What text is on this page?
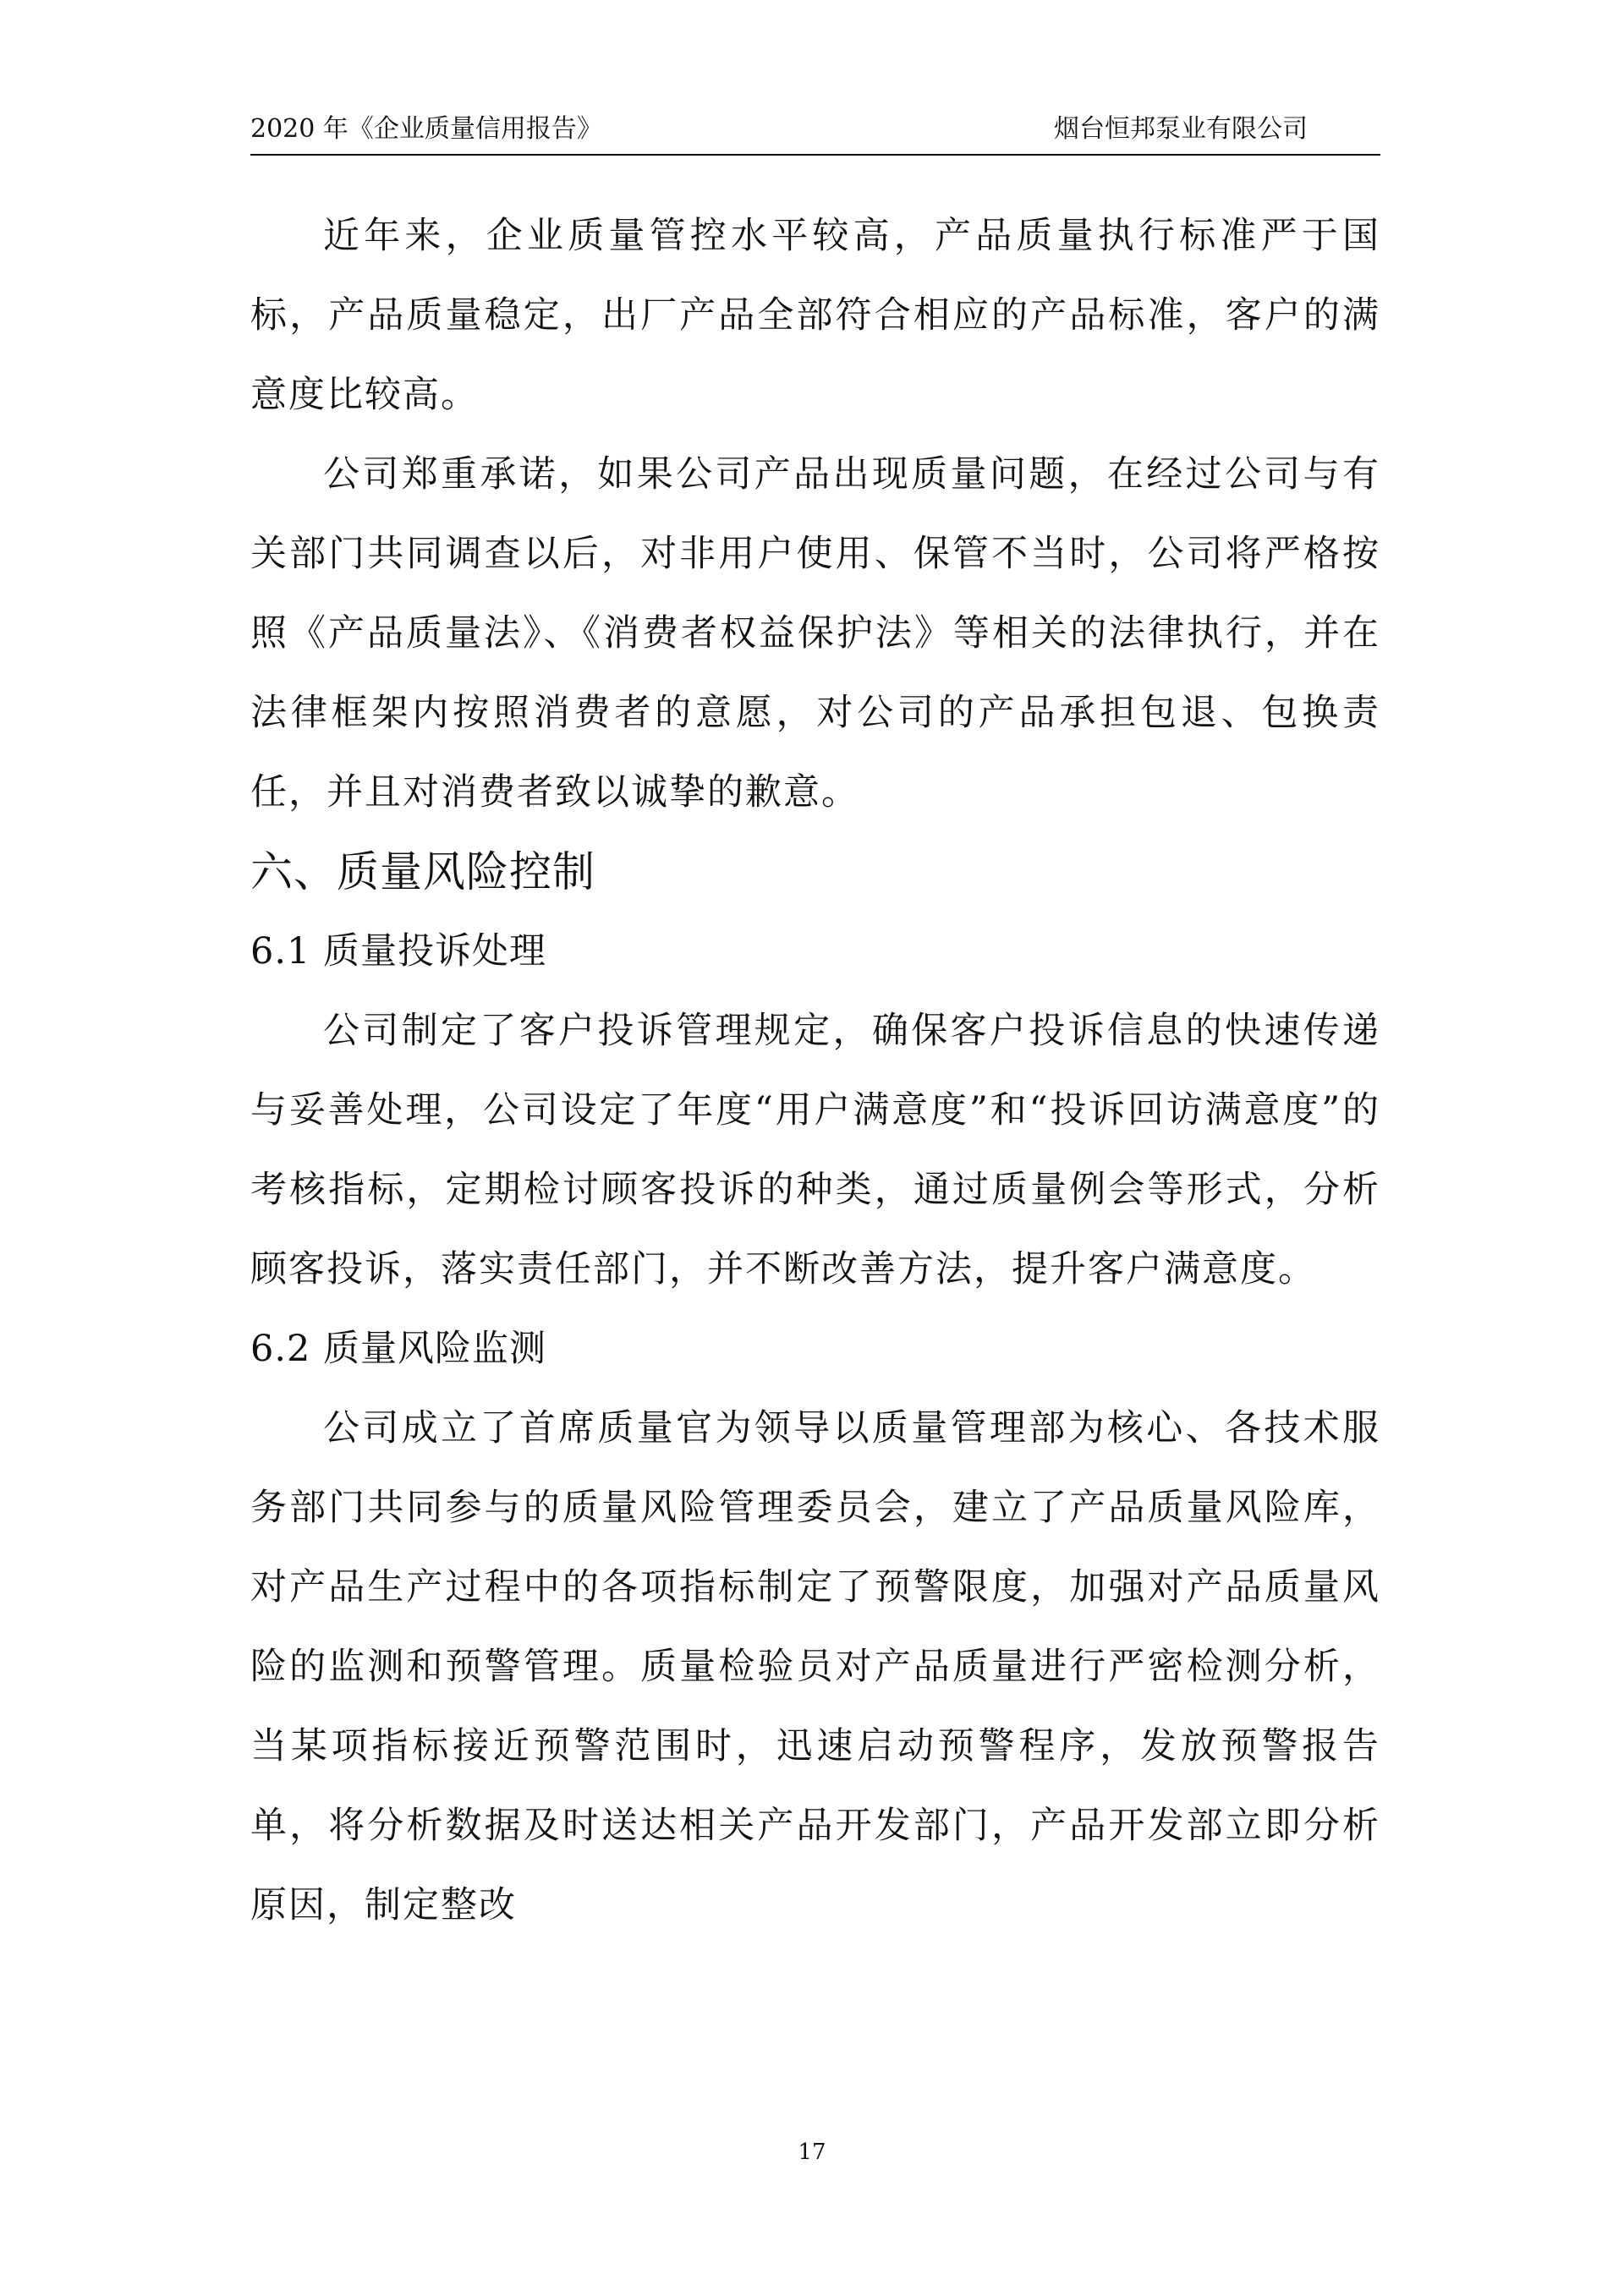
2020 年《企业质量信用报告》	烟台恒邦泵业有限公司

近年来，企业质量管控水平较高，产品质量执行标准严于国标，产品质量稳定，出厂产品全部符合相应的产品标准，客户的满意度比较高。

公司郑重承诺，如果公司产品出现质量问题，在经过公司与有关部门共同调查以后，对非用户使用、保管不当时，公司将严格按照《产品质量法》、《消费者权益保护法》等相关的法律执行，并在法律框架内按照消费者的意愿，对公司的产品承担包退、包换责任，并且对消费者致以诚挚的歉意。

六、质量风险控制
6.1 质量投诉处理

公司制定了客户投诉管理规定，确保客户投诉信息的快速传递与妥善处理，公司设定了年度“用户满意度”和“投诉回访满意度”的考核指标，定期检讨顾客投诉的种类，通过质量例会等形式，分析顾客投诉，落实责任部门，并不断改善方法，提升客户满意度。

6.2 质量风险监测

公司成立了首席质量官为领导以质量管理部为核心、各技术服务部门共同参与的质量风险管理委员会，建立了产品质量风险库，对产品生产过程中的各项指标制定了预警限度，加强对产品质量风险的监测和预警管理。质量检验员对产品质量进行严密检测分析，当某项指标接近预警范围时，迅速启动预警程序，发放预警报告单，将分析数据及时送达相关产品开发部门，产品开发部立即分析原因，制定整改

17
